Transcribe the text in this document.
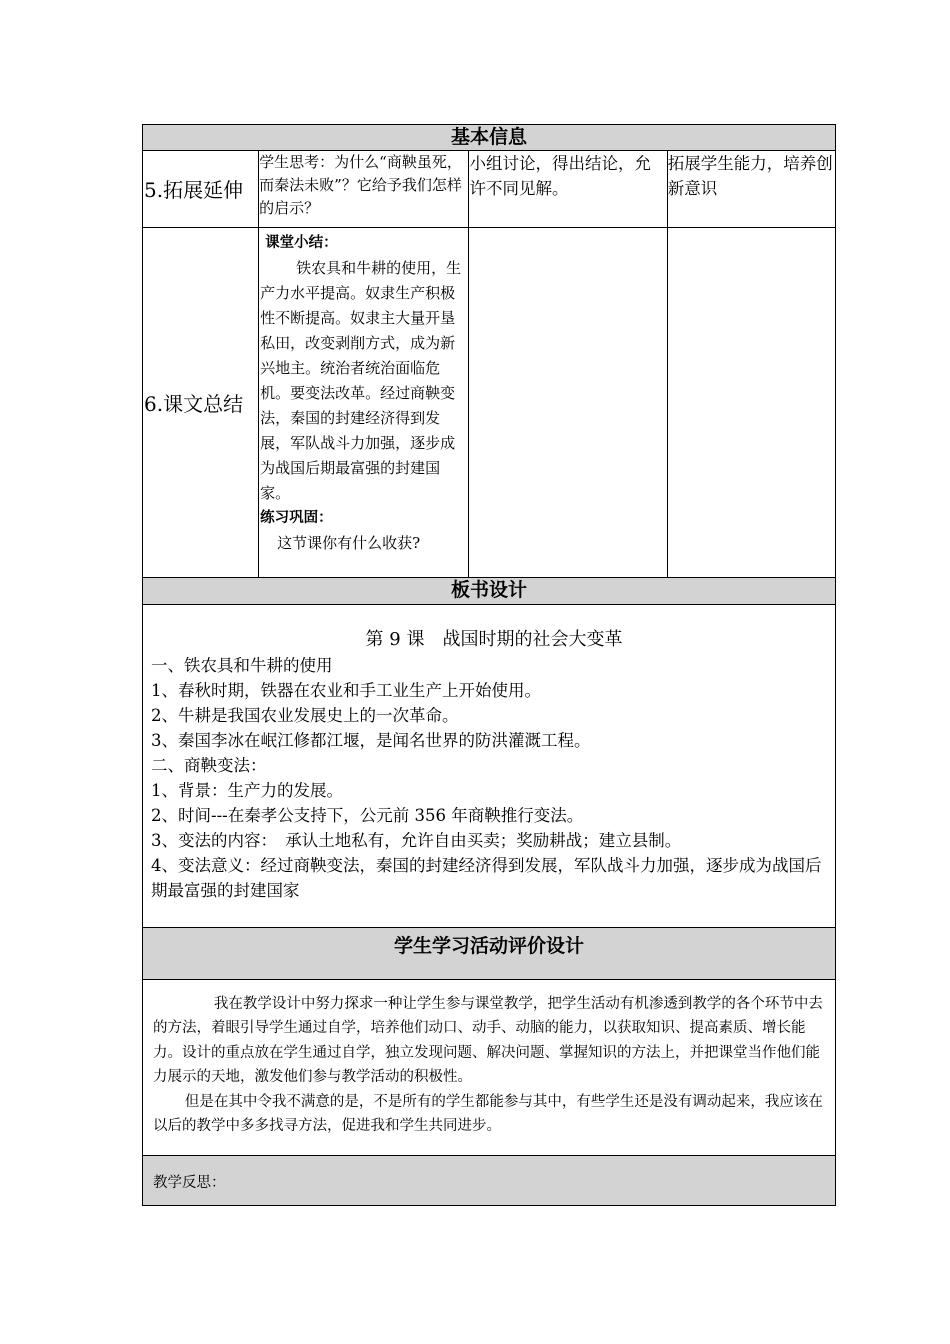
基本信息
5.拓展延伸	学生思考：为什么“商鞅虽死，而秦法未败”？它给予我们怎样的启示？	小组讨论，得出结论，允许不同见解。	拓展学生能力，培养创新意识
6.课文总结	课堂小结：
铁农具和牛耕的使用，生产力水平提高。奴隶生产积极性不断提高。奴隶主大量开垦私田，改变剥削方式，成为新兴地主。统治者统治面临危机。要变法改革。经过商鞅变法，秦国的封建经济得到发展，军队战斗力加强，逐步成为战国后期最富强的封建国家。
练习巩固：
这节课你有什么收获?		

板书设计
第 9 课　战国时期的社会大变革
一、铁农具和牛耕的使用
1、春秋时期，铁器在农业和手工业生产上开始使用。
2、牛耕是我国农业发展史上的一次革命。
3、秦国李冰在岷江修都江堰，是闻名世界的防洪灌溉工程。
二、商鞅变法：
1、背景：生产力的发展。
2、时间---在秦孝公支持下，公元前 356 年商鞅推行变法。
3、变法的内容：　承认土地私有，允许自由买卖；奖励耕战；建立县制。
4、变法意义：经过商鞅变法，秦国的封建经济得到发展，军队战斗力加强，逐步成为战国后期最富强的封建国家
学生学习活动评价设计

我在教学设计中努力探求一种让学生参与课堂教学，把学生活动有机渗透到教学的各个环节中去的方法，着眼引导学生通过自学，培养他们动口、动手、动脑的能力，以获取知识、提高素质、增长能力。设计的重点放在学生通过自学，独立发现问题、解决问题、掌握知识的方法上，并把课堂当作他们能力展示的天地，激发他们参与教学活动的积极性。

但是在其中令我不满意的是，不是所有的学生都能参与其中，有些学生还是没有调动起来，我应该在以后的教学中多多找寻方法，促进我和学生共同进步。

教学反思：
